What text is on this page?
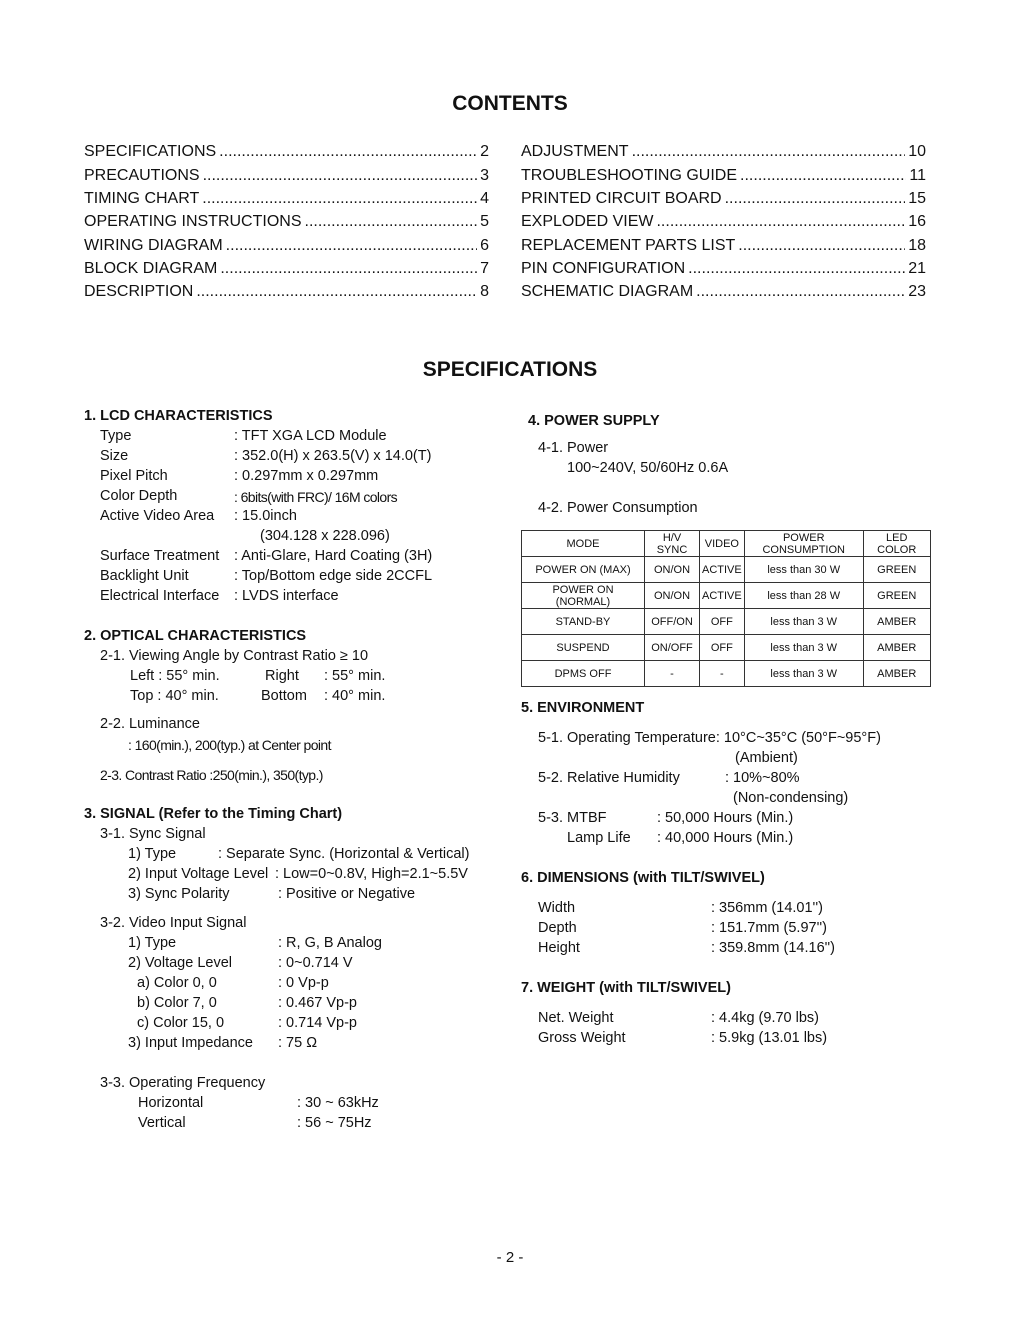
CONTENTS
SPECIFICATIONS .....	2
PRECAUTIONS .....	3
TIMING CHART .....	4
OPERATING INSTRUCTIONS .....	5
WIRING DIAGRAM .....	6
BLOCK DIAGRAM .....	7
DESCRIPTION .....	8
ADJUSTMENT .....	10
TROUBLESHOOTING GUIDE .....	11
PRINTED CIRCUIT BOARD .....	15
EXPLODED VIEW .....	16
REPLACEMENT PARTS LIST .....	18
PIN CONFIGURATION .....	21
SCHEMATIC DIAGRAM .....	23
SPECIFICATIONS
1. LCD CHARACTERISTICS
Type	: TFT XGA LCD Module
Size	: 352.0(H) x 263.5(V) x 14.0(T)
Pixel Pitch	: 0.297mm x 0.297mm
Color Depth	: 6bits(with FRC)/ 16M colors
Active Video Area : 15.0inch
(304.128 x 228.096)
Surface Treatment : Anti-Glare, Hard Coating (3H)
Backlight Unit	: Top/Bottom edge side 2CCFL
Electrical Interface : LVDS interface
2. OPTICAL CHARACTERISTICS
2-1. Viewing Angle by Contrast Ratio ≥ 10
Left : 55° min.	Right : 55° min.
Top : 40° min.	Bottom : 40° min.
2-2. Luminance
: 160(min.), 200(typ.) at Center point
2-3. Contrast Ratio :250(min.), 350(typ.)
3. SIGNAL (Refer to the Timing Chart)
3-1. Sync Signal
1) Type	: Separate Sync. (Horizontal & Vertical)
2) Input Voltage Level : Low=0~0.8V, High=2.1~5.5V
3) Sync Polarity	: Positive or Negative
3-2. Video Input Signal
1) Type	: R, G, B Analog
2) Voltage Level	: 0~0.714 V
a) Color 0, 0	: 0 Vp-p
b) Color 7, 0	: 0.467 Vp-p
c) Color 15, 0	: 0.714 Vp-p
3) Input Impedance : 75 Ω
3-3. Operating Frequency
Horizontal	: 30 ~ 63kHz
Vertical	: 56 ~ 75Hz
4. POWER SUPPLY
4-1. Power
100~240V, 50/60Hz 0.6A
4-2. Power Consumption
MODE	H/V SYNC	VIDEO	POWER CONSUMPTION	LED COLOR
POWER ON (MAX)	ON/ON	ACTIVE	less than 30 W	GREEN
POWER ON (NORMAL)	ON/ON	ACTIVE	less than 28 W	GREEN
STAND-BY	OFF/ON	OFF	less than 3 W	AMBER
SUSPEND	ON/OFF	OFF	less than 3 W	AMBER
DPMS OFF	-	-	less than 3 W	AMBER
5. ENVIRONMENT
5-1. Operating Temperature: 10°C~35°C (50°F~95°F)
(Ambient)
5-2. Relative Humidity	: 10%~80%
(Non-condensing)
5-3. MTBF	: 50,000 Hours (Min.)
Lamp Life : 40,000 Hours (Min.)
6. DIMENSIONS (with TILT/SWIVEL)
Width	: 356mm (14.01'')
Depth	: 151.7mm (5.97'')
Height	: 359.8mm (14.16'')
7. WEIGHT (with TILT/SWIVEL)
Net. Weight	: 4.4kg (9.70 lbs)
Gross Weight	: 5.9kg (13.01 lbs)
- 2 -
